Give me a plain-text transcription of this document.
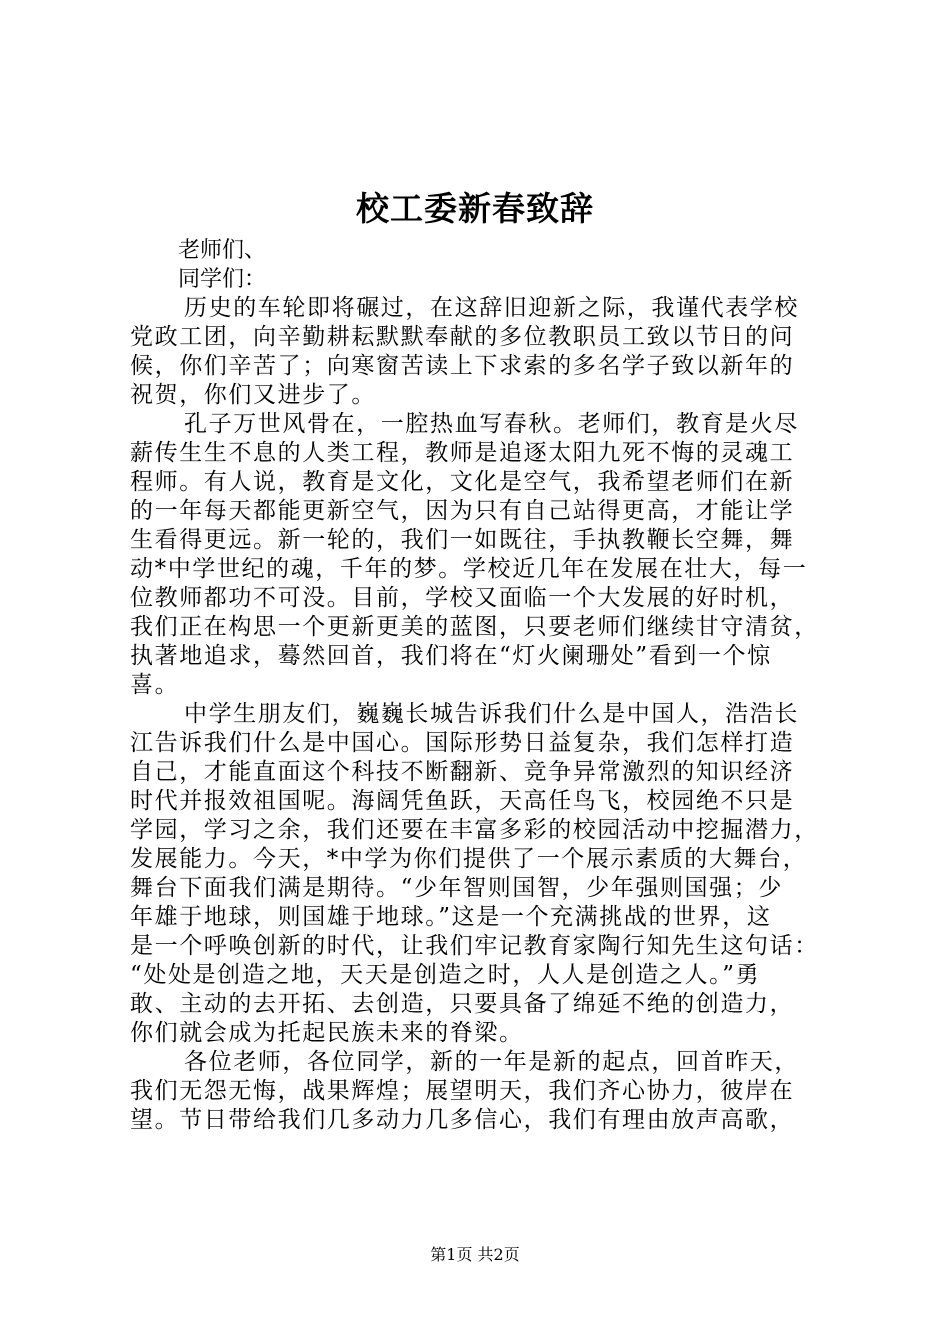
校工委新春致辞
老师们、
同学们：

历史的车轮即将碾过，在这辞旧迎新之际，我谨代表学校
党政工团，向辛勤耕耘默默奉献的多位教职员工致以节日的问
候，你们辛苦了；向寒窗苦读上下求索的多名学子致以新年的
祝贺，你们又进步了。

孔子万世风骨在，一腔热血写春秋。老师们，教育是火尽
薪传生生不息的人类工程，教师是追逐太阳九死不悔的灵魂工
程师。有人说，教育是文化，文化是空气，我希望老师们在新
的一年每天都能更新空气，因为只有自己站得更高，才能让学
生看得更远。新一轮的，我们一如既往，手执教鞭长空舞，舞
动*中学世纪的魂，千年的梦。学校近几年在发展在壮大，每一
位教师都功不可没。目前，学校又面临一个大发展的好时机，
我们正在构思一个更新更美的蓝图，只要老师们继续甘守清贫，
执著地追求，蓦然回首，我们将在“灯火阑珊处”看到一个惊
喜。

中学生朋友们，巍巍长城告诉我们什么是中国人，浩浩长
江告诉我们什么是中国心。国际形势日益复杂，我们怎样打造
自己，才能直面这个科技不断翻新、竞争异常激烈的知识经济
时代并报效祖国呢。海阔凭鱼跃，天高任鸟飞，校园绝不只是
学园，学习之余，我们还要在丰富多彩的校园活动中挖掘潜力，
发展能力。今天，*中学为你们提供了一个展示素质的大舞台，
舞台下面我们满是期待。“少年智则国智，少年强则国强；少
年雄于地球，则国雄于地球。”这是一个充满挑战的世界，这
是一个呼唤创新的时代，让我们牢记教育家陶行知先生这句话：
“处处是创造之地，天天是创造之时，人人是创造之人。”勇
敢、主动的去开拓、去创造，只要具备了绵延不绝的创造力，
你们就会成为托起民族未来的脊梁。

各位老师，各位同学，新的一年是新的起点，回首昨天，
我们无怨无悔，战果辉煌；展望明天，我们齐心协力，彼岸在
望。节日带给我们几多动力几多信心，我们有理由放声高歌，

第1页 共2页
